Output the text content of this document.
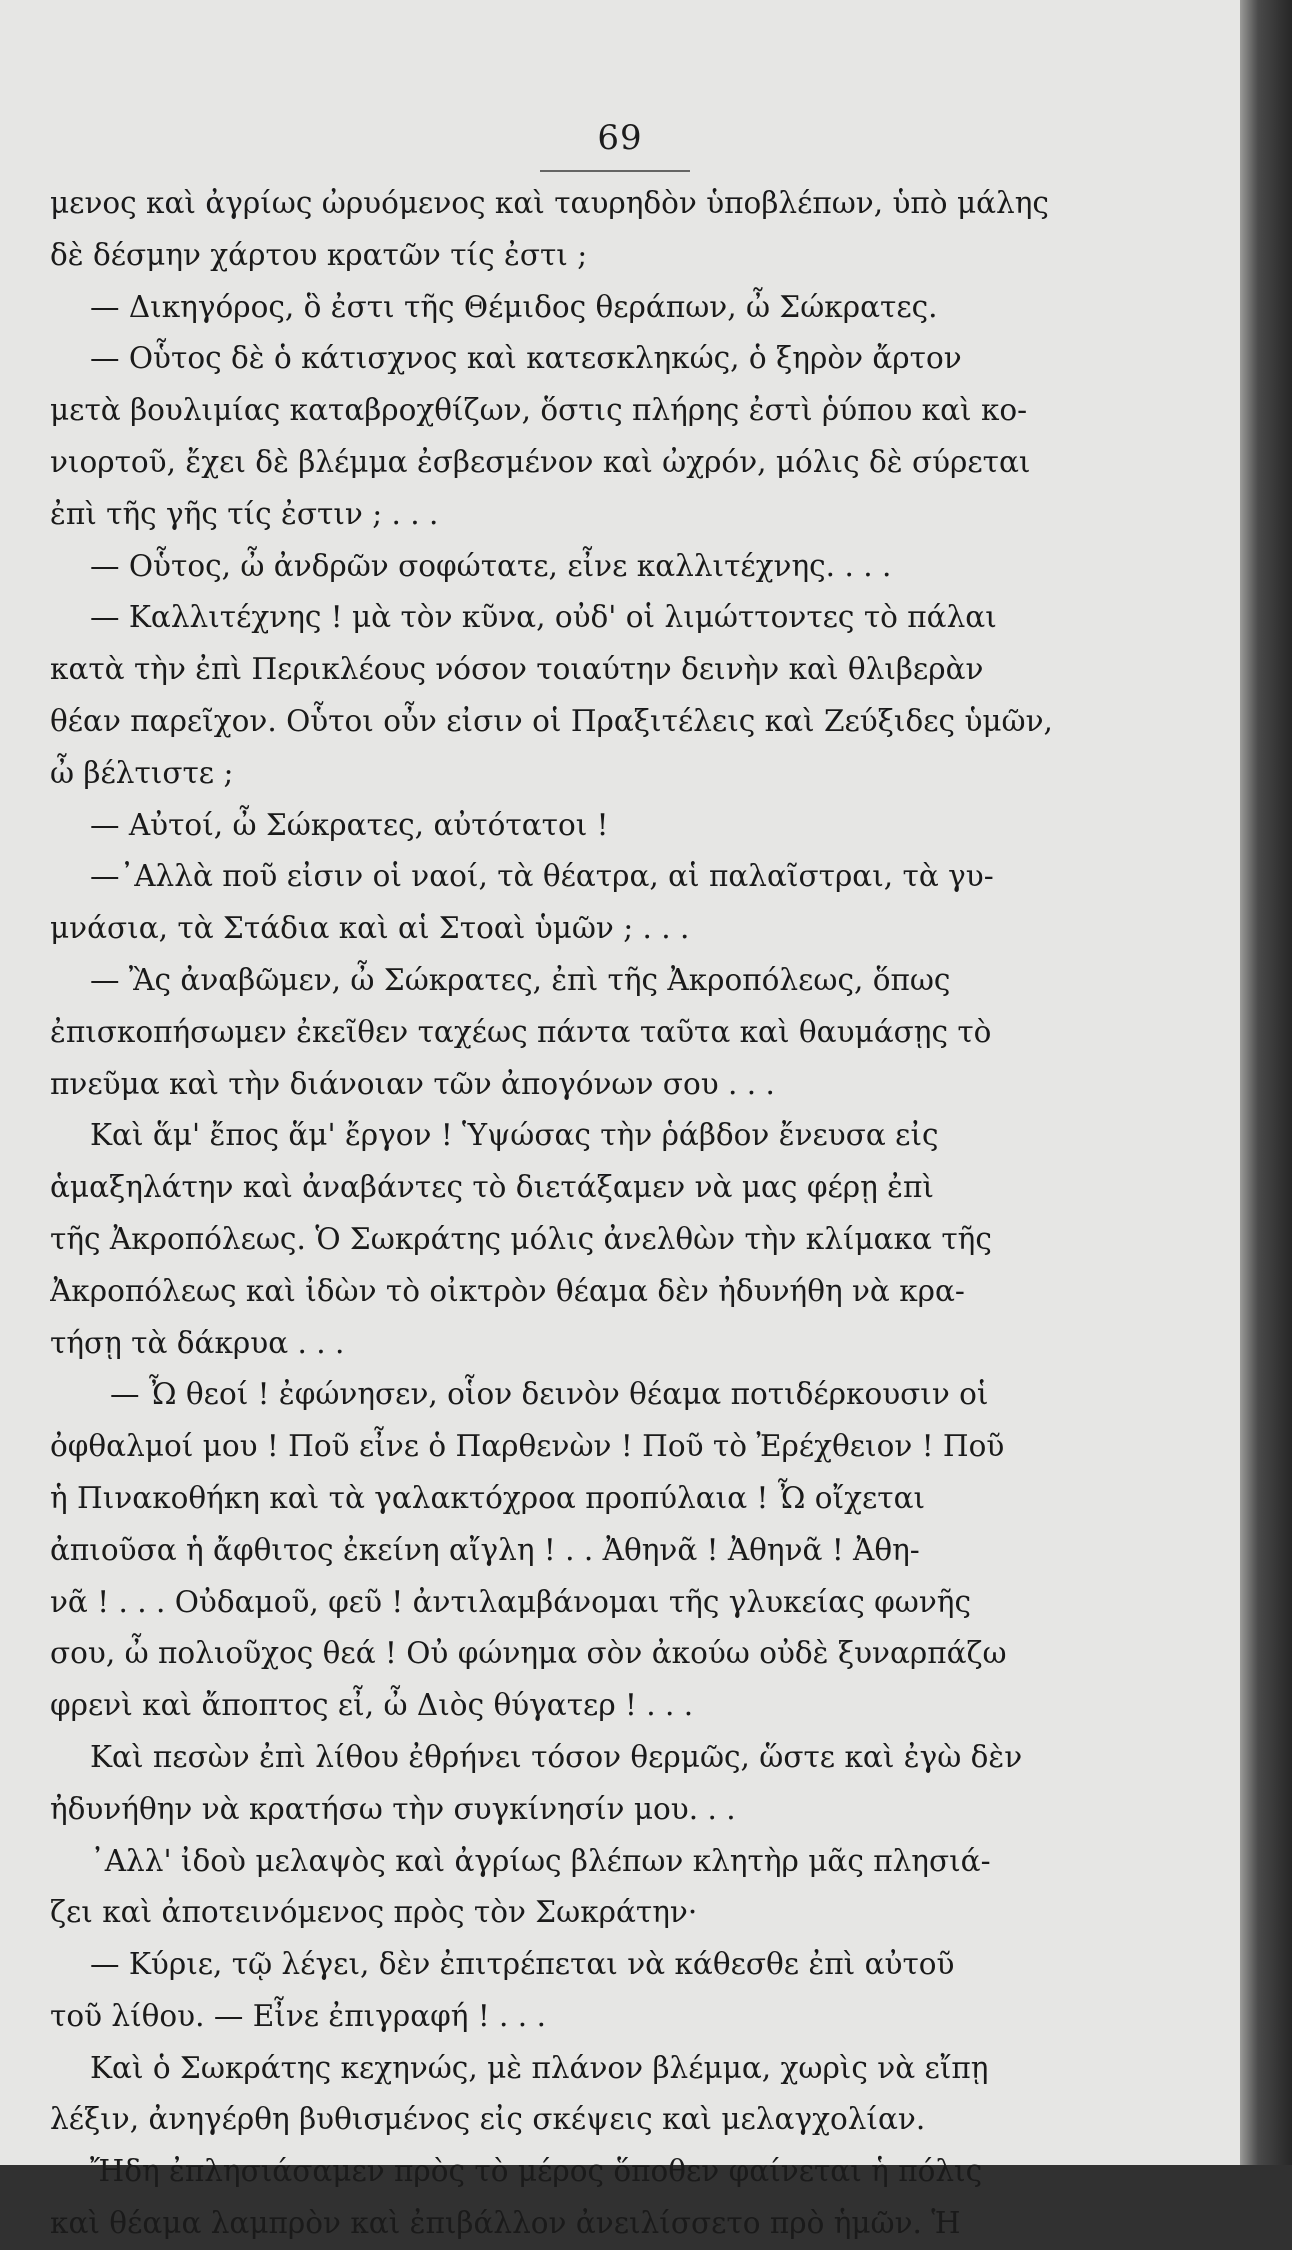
69
μενος καὶ ἀγρίως ὠρυόμενος καὶ ταυρηδὸν ὑποβλέπων, ὑπὸ μάλης
δὲ δέσμην χάρτου κρατῶν τίς ἐστι ;
— Δικηγόρος, ὃ ἐστι τῆς Θέμιδος θεράπων, ὦ Σώκρατες.
— Οὗτος δὲ ὁ κάτισχνος καὶ κατεσκληκώς, ὁ ξηρὸν ἄρτον
μετὰ βουλιμίας καταβροχθίζων, ὅστις πλήρης ἐστὶ ῥύπου καὶ κο-
νιορτοῦ, ἔχει δὲ βλέμμα ἐσβεσμένον καὶ ὠχρόν, μόλις δὲ σύρεται
ἐπὶ τῆς γῆς τίς ἐστιν ; . . .
— Οὗτος, ὦ ἀνδρῶν σοφώτατε, εἶνε καλλιτέχνης. . . .
— Καλλιτέχνης ! μὰ τὸν κῦνα, οὐδ' οἱ λιμώττοντες τὸ πάλαι
κατὰ τὴν ἐπὶ Περικλέους νόσον τοιαύτην δεινὴν καὶ θλιβερὰν
θέαν παρεῖχον. Οὗτοι οὖν εἰσιν οἱ Πραξιτέλεις καὶ Ζεύξιδες ὑμῶν,
ὦ βέλτιστε ;
— Αὐτοί, ὦ Σώκρατες, αὐτότατοι !
—᾿Αλλὰ ποῦ εἰσιν οἱ ναοί, τὰ θέατρα, αἱ παλαῖστραι, τὰ γυ-
μνάσια, τὰ Στάδια καὶ αἱ Στοαὶ ὑμῶν ; . . .
— Ἂς ἀναβῶμεν, ὦ Σώκρατες, ἐπὶ τῆς Ἀκροπόλεως, ὅπως
ἐπισκοπήσωμεν ἐκεῖθεν ταχέως πάντα ταῦτα καὶ θαυμάσῃς τὸ
πνεῦμα καὶ τὴν διάνοιαν τῶν ἀπογόνων σου . . .
Καὶ ἅμ' ἔπος ἅμ' ἔργον ! Ὑψώσας τὴν ῥάβδον ἔνευσα εἰς
ἁμαξηλάτην καὶ ἀναβάντες τὸ διετάξαμεν νὰ μας φέρῃ ἐπὶ
τῆς Ἀκροπόλεως. Ὁ Σωκράτης μόλις ἀνελθὼν τὴν κλίμακα τῆς
Ἀκροπόλεως καὶ ἰδὼν τὸ οἰκτρὸν θέαμα δὲν ἠδυνήθη νὰ κρα-
τήσῃ τὰ δάκρυα . . .
— Ὦ θεοί ! ἐφώνησεν, οἷον δεινὸν θέαμα ποτιδέρκουσιν οἱ
ὀφθαλμοί μου ! Ποῦ εἶνε ὁ Παρθενὼν ! Ποῦ τὸ Ἐρέχθειον ! Ποῦ
ἡ Πινακοθήκη καὶ τὰ γαλακτόχροα προπύλαια ! Ὦ οἴχεται
ἀπιοῦσα ἡ ἄφθιτος ἐκείνη αἴγλη ! . . Ἀθηνᾶ ! Ἀθηνᾶ ! Ἀθη-
νᾶ ! . . . Οὐδαμοῦ, φεῦ ! ἀντιλαμβάνομαι τῆς γλυκείας φωνῆς
σου, ὦ πολιοῦχος θεά ! Οὐ φώνημα σὸν ἀκούω οὐδὲ ξυναρπάζω
φρενὶ καὶ ἄποπτος εἶ, ὦ Διὸς θύγατερ ! . . .
Καὶ πεσὼν ἐπὶ λίθου ἐθρήνει τόσον θερμῶς, ὥστε καὶ ἐγὼ δὲν
ἠδυνήθην νὰ κρατήσω τὴν συγκίνησίν μου. . .
᾿Αλλ' ἰδοὺ μελαψὸς καὶ ἀγρίως βλέπων κλητὴρ μᾶς πλησιά-
ζει καὶ ἀποτεινόμενος πρὸς τὸν Σωκράτην·
— Κύριε, τῷ λέγει, δὲν ἐπιτρέπεται νὰ κάθεσθε ἐπὶ αὐτοῦ
τοῦ λίθου. — Εἶνε ἐπιγραφή ! . . .
Καὶ ὁ Σωκράτης κεχηνώς, μὲ πλάνον βλέμμα, χωρὶς νὰ εἴπῃ
λέξιν, ἀνηγέρθη βυθισμένος εἰς σκέψεις καὶ μελαγχολίαν.
Ἤδη ἐπλησιάσαμεν πρὸς τὸ μέρος ὅποθεν φαίνεται ἡ πόλις
καὶ θέαμα λαμπρὸν καὶ ἐπιβάλλον ἀνειλίσσετο πρὸ ἡμῶν. Ἡ
